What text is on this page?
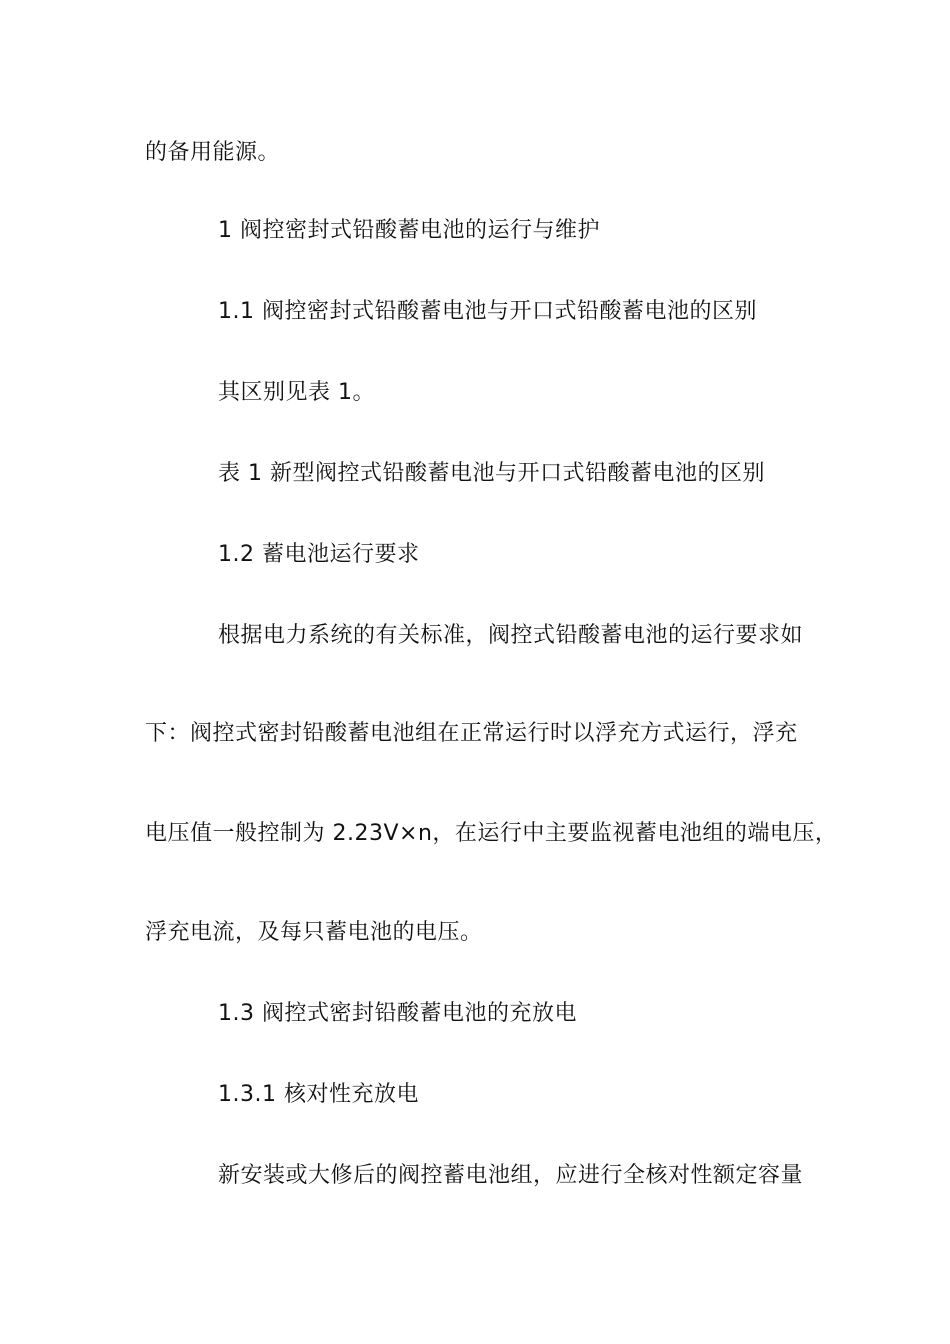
的备用能源。
1 阀控密封式铅酸蓄电池的运行与维护
1.1 阀控密封式铅酸蓄电池与开口式铅酸蓄电池的区别
其区别见表 1。
表 1 新型阀控式铅酸蓄电池与开口式铅酸蓄电池的区别
1.2 蓄电池运行要求
根据电力系统的有关标准，阀控式铅酸蓄电池的运行要求如
下：阀控式密封铅酸蓄电池组在正常运行时以浮充方式运行，浮充
电压值一般控制为 2.23V×n，在运行中主要监视蓄电池组的端电压，
浮充电流，及每只蓄电池的电压。
1.3 阀控式密封铅酸蓄电池的充放电
1.3.1 核对性充放电
新安装或大修后的阀控蓄电池组，应进行全核对性额定容量
